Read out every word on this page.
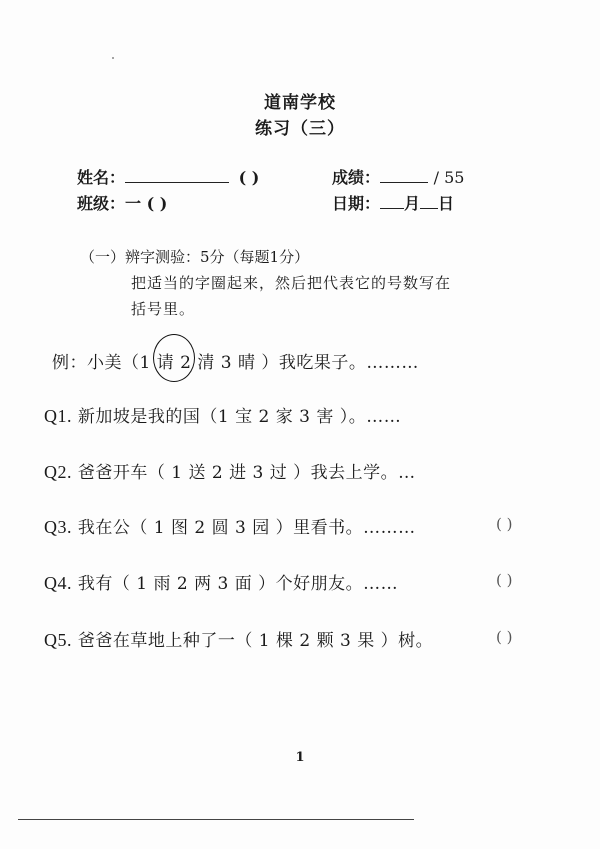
道南学校
练习（三）
姓名：	( )	成绩：	/ 55
班级：一 ( )	日期： 月 日
（一）辨字测验：5分（每题1分）
把适当的字圈起来，然后把代表它的号数写在
括号里。
例：小美（1 请 2 清 3 晴 ）我吃果子。………
Q1. 新加坡是我的国（1 宝 2 家 3 害 ）。……
Q2. 爸爸开车（ 1 送 2 进 3 过 ）我去上学。…
Q3. 我在公（ 1 图 2 圆 3 园 ）里看书。………	( )
Q4. 我有（ 1 雨 2 两 3 面 ）个好朋友。……	( )
Q5. 爸爸在草地上种了一（ 1 棵 2 颗 3 果 ）树。	( )
1
